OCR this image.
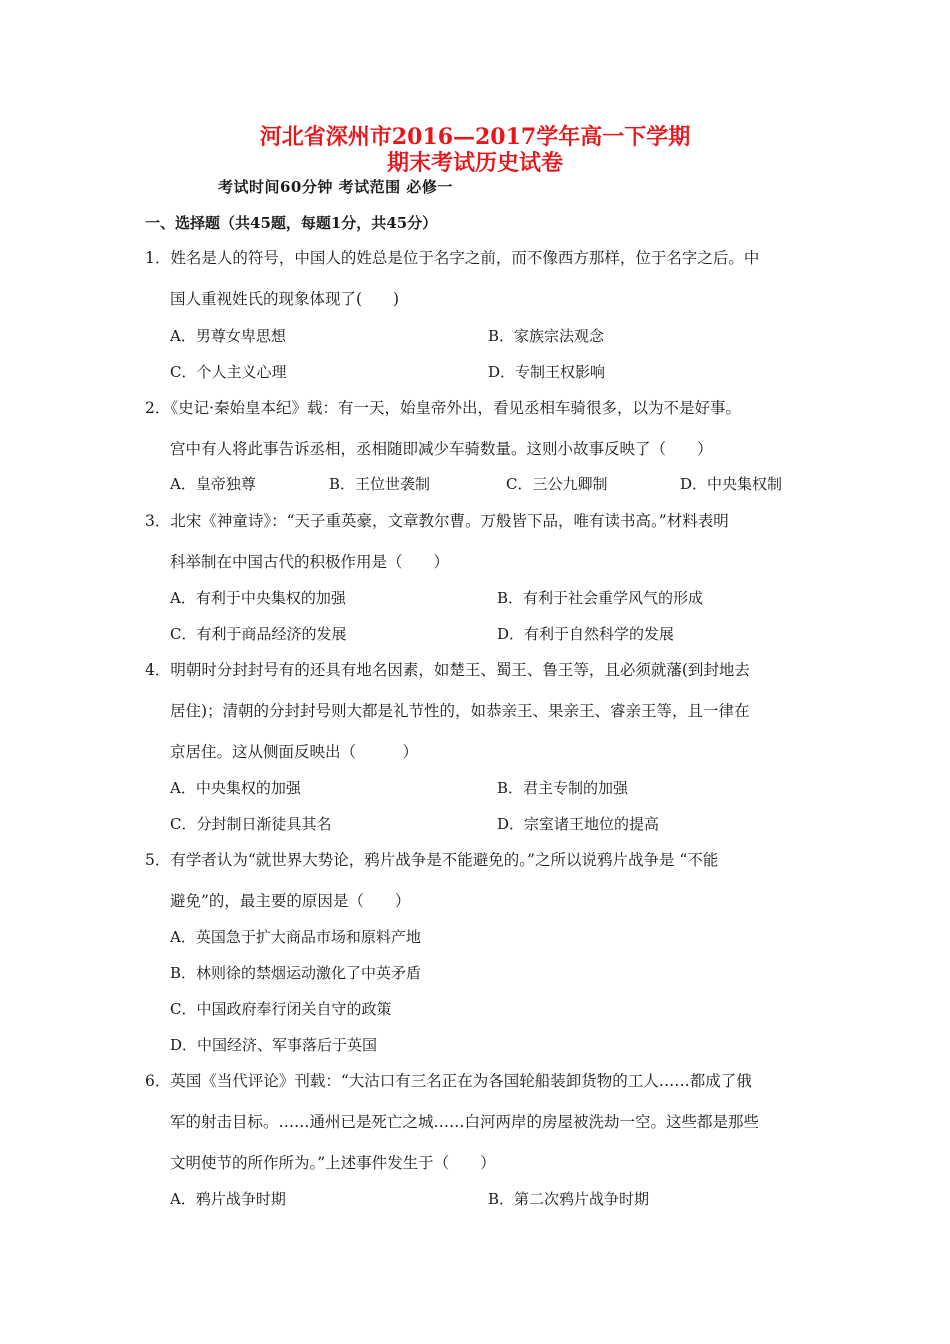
河北省深州市2016—2017学年高一下学期
期末考试历史试卷
考试时间60分钟 考试范围 必修一
一、选择题（共45题，每题1分，共45分）
1．姓名是人的符号，中国人的姓总是位于名字之前，而不像西方那样，位于名字之后。中
国人重视姓氏的现象体现了(　　)
A．男尊女卑思想	B．家族宗法观念
C．个人主义心理	D．专制王权影响
2．《史记·秦始皇本纪》载：有一天，始皇帝外出，看见丞相车骑很多，以为不是好事。
宫中有人将此事告诉丞相，丞相随即减少车骑数量。这则小故事反映了（　　）
A．皇帝独尊	B．王位世袭制	C．三公九卿制	D．中央集权制
3．北宋《神童诗》：“天子重英豪，文章教尔曹。万般皆下品，唯有读书高。”材料表明
科举制在中国古代的积极作用是（　　）
A．有利于中央集权的加强	B．有利于社会重学风气的形成
C．有利于商品经济的发展	D．有利于自然科学的发展
4．明朝时分封封号有的还具有地名因素，如楚王、蜀王、鲁王等，且必须就藩(到封地去
居住)；清朝的分封封号则大都是礼节性的，如恭亲王、果亲王、睿亲王等，且一律在
京居住。这从侧面反映出（　　　）
A．中央集权的加强	B．君主专制的加强
C．分封制日渐徒具其名	D．宗室诸王地位的提高
5．有学者认为“就世界大势论，鸦片战争是不能避免的。”之所以说鸦片战争是 “不能
避免”的，最主要的原因是（　　）
A．英国急于扩大商品市场和原料产地
B．林则徐的禁烟运动激化了中英矛盾
C．中国政府奉行闭关自守的政策
D．中国经济、军事落后于英国
6．英国《当代评论》刊载：“大沽口有三名正在为各国轮船装卸货物的工人……都成了俄
军的射击目标。……通州已是死亡之城……白河两岸的房屋被洗劫一空。这些都是那些
文明使节的所作所为。”上述事件发生于（　　）
A．鸦片战争时期	B．第二次鸦片战争时期
